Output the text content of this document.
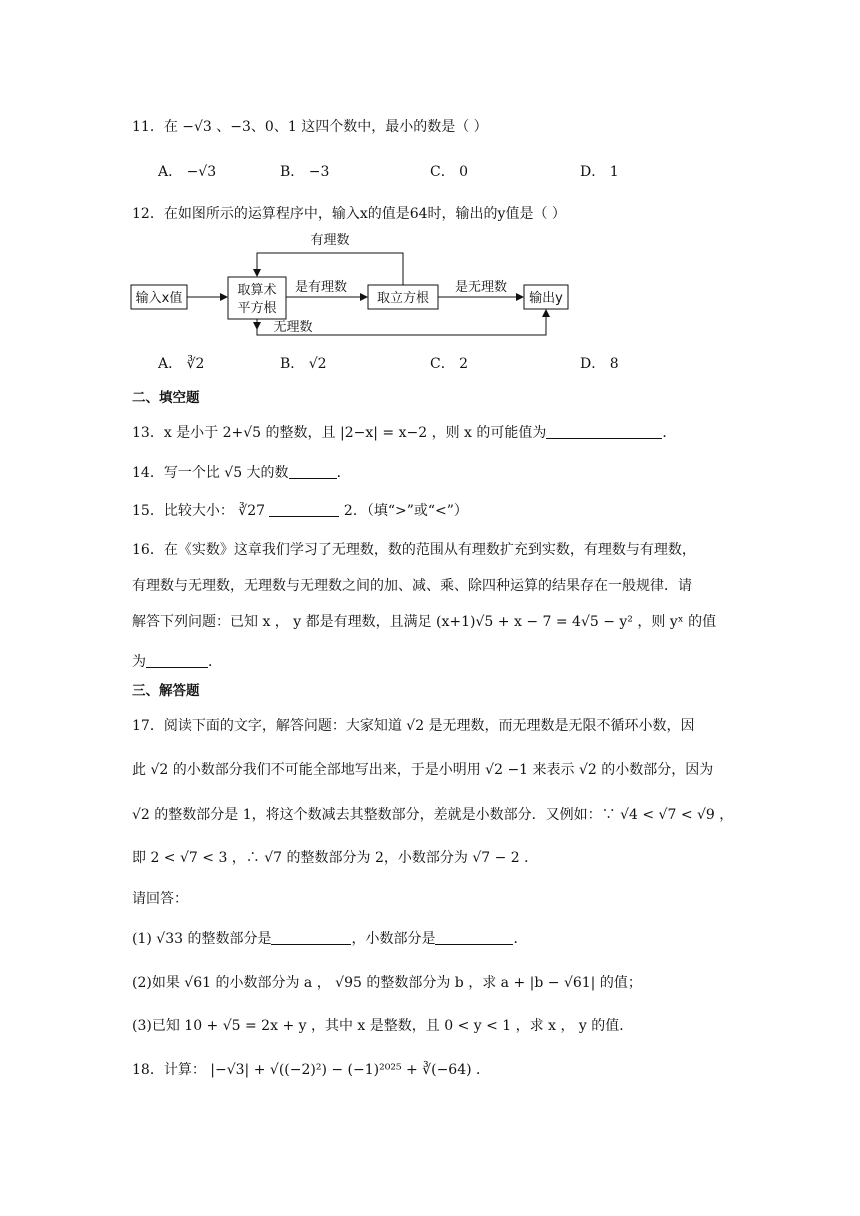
11．在 −√3 、−3、0、1 这四个数中，最小的数是（ ）
A． −√3	B． −3	C． 0	D． 1
12．在如图所示的运算程序中，输入x的值是64时，输出的y值是（ ）
输入x值
取算术
平方根
取立方根	输出y
是有理数	是无理数
有理数
无理数
A． ∛2	B． √2	C． 2	D． 8
二、填空题
13．x 是小于 2+√5 的整数，且 |2−x| = x−2 ，则 x 的可能值为	．
14．写一个比 √5 大的数	．
15．比较大小： ∛27	2．（填“>”或“<”）
16．在《实数》这章我们学习了无理数，数的范围从有理数扩充到实数，有理数与有理数，
有理数与无理数，无理数与无理数之间的加、减、乘、除四种运算的结果存在一般规律．请
解答下列问题：已知 x ， y 都是有理数，且满足 (x+1)√5 + x − 7 = 4√5 − y² ，则 yˣ 的值
为	．
三、解答题
17．阅读下面的文字，解答问题：大家知道 √2 是无理数，而无理数是无限不循环小数，因
此 √2 的小数部分我们不可能全部地写出来，于是小明用 √2 −1 来表示 √2 的小数部分，因为
√2 的整数部分是 1，将这个数减去其整数部分，差就是小数部分．又例如：∵ √4 < √7 < √9 ，
即 2 < √7 < 3 ，∴ √7 的整数部分为 2，小数部分为 √7 − 2 ．
请回答：
(1) √33 的整数部分是	，小数部分是	．
(2)如果 √61 的小数部分为 a ， √95 的整数部分为 b ，求 a + |b − √61| 的值；
(3)已知 10 + √5 = 2x + y ，其中 x 是整数，且 0 < y < 1 ，求 x ， y 的值．
18．计算： |−√3| + √((−2)²) − (−1)²⁰²⁵ + ∛(−64) ．
